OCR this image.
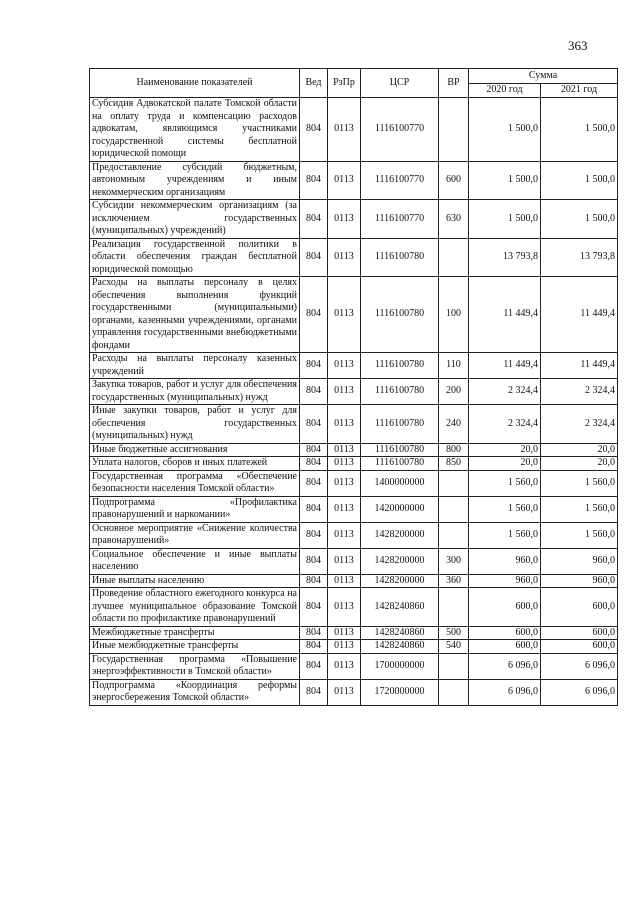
363
Наименование показателей	Вед	РзПр	ЦСР	ВР	Сумма	
					2020 год	2021 год
Субсидия Адвокатской палате Томской области на оплату труда и компенсацию расходов адвокатам, являющимся участниками государственной системы бесплатной юридической помощи	804	0113	1116100770		1 500,0	1 500,0
Предоставление субсидий бюджетным, автономным учреждениям и иным некоммерческим организациям	804	0113	1116100770	600	1 500,0	1 500,0
Субсидии некоммерческим организациям (за исключением государственных (муниципальных) учреждений)	804	0113	1116100770	630	1 500,0	1 500,0
Реализация государственной политики в области обеспечения граждан бесплатной юридической помощью	804	0113	1116100780		13 793,8	13 793,8
Расходы на выплаты персоналу в целях обеспечения выполнения функций государственными (муниципальными) органами, казенными учреждениями, органами управления государственными внебюджетными фондами	804	0113	1116100780	100	11 449,4	11 449,4
Расходы на выплаты персоналу казенных учреждений	804	0113	1116100780	110	11 449,4	11 449,4
Закупка товаров, работ и услуг для обеспечения государственных (муниципальных) нужд	804	0113	1116100780	200	2 324,4	2 324,4
Иные закупки товаров, работ и услуг для обеспечения государственных (муниципальных) нужд	804	0113	1116100780	240	2 324,4	2 324,4
Иные бюджетные ассигнования	804	0113	1116100780	800	20,0	20,0
Уплата налогов, сборов и иных платежей	804	0113	1116100780	850	20,0	20,0
Государственная программа «Обеспечение безопасности населения Томской области»	804	0113	1400000000		1 560,0	1 560,0
Подпрограмма «Профилактика правонарушений и наркомании»	804	0113	1420000000		1 560,0	1 560,0
Основное мероприятие «Снижение количества правонарушений»	804	0113	1428200000		1 560,0	1 560,0
Социальное обеспечение и иные выплаты населению	804	0113	1428200000	300	960,0	960,0
Иные выплаты населению	804	0113	1428200000	360	960,0	960,0
Проведение областного ежегодного конкурса на лучшее муниципальное образование Томской области по профилактике правонарушений	804	0113	1428240860		600,0	600,0
Межбюджетные трансферты	804	0113	1428240860	500	600,0	600,0
Иные межбюджетные трансферты	804	0113	1428240860	540	600,0	600,0
Государственная программа «Повышение энергоэффективности в Томской области»	804	0113	1700000000		6 096,0	6 096,0
Подпрограмма «Координация реформы энергосбережения Томской области»	804	0113	1720000000		6 096,0	6 096,0
